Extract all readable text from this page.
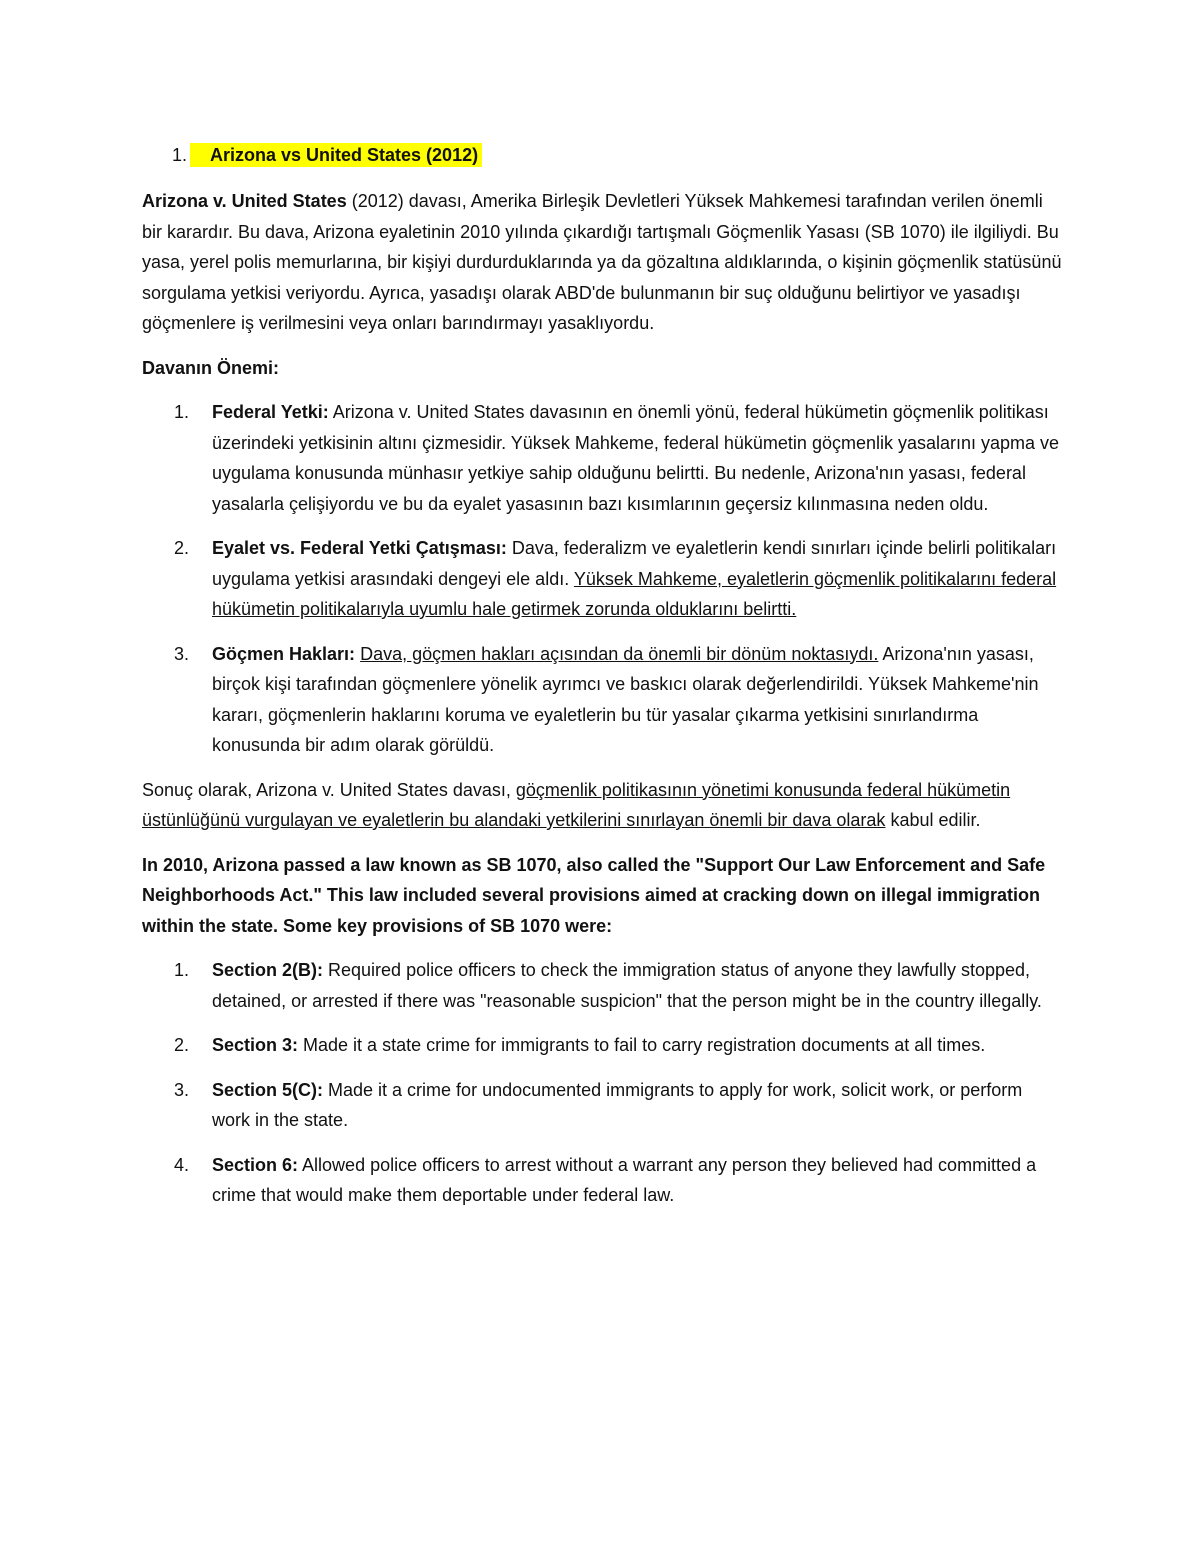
1. Arizona vs United States (2012)

Arizona v. United States (2012) davası, Amerika Birleşik Devletleri Yüksek Mahkemesi tarafından verilen önemli bir karardır. Bu dava, Arizona eyaletinin 2010 yılında çıkardığı tartışmalı Göçmenlik Yasası (SB 1070) ile ilgiliydi. Bu yasa, yerel polis memurlarına, bir kişiyi durdurduklarında ya da gözaltına aldıklarında, o kişinin göçmenlik statüsünü sorgulama yetkisi veriyordu. Ayrıca, yasadışı olarak ABD'de bulunmanın bir suç olduğunu belirtiyor ve yasadışı göçmenlere iş verilmesini veya onları barındırmayı yasaklıyordu.

Davanın Önemi:
1. Federal Yetki: Arizona v. United States davasının en önemli yönü, federal hükümetin göçmenlik politikası üzerindeki yetkisinin altını çizmesidir. Yüksek Mahkeme, federal hükümetin göçmenlik yasalarını yapma ve uygulama konusunda münhasır yetkiye sahip olduğunu belirtti. Bu nedenle, Arizona'nın yasası, federal yasalarla çelişiyordu ve bu da eyalet yasasının bazı kısımlarının geçersiz kılınmasına neden oldu.
2. Eyalet vs. Federal Yetki Çatışması: Dava, federalizm ve eyaletlerin kendi sınırları içinde belirli politikaları uygulama yetkisi arasındaki dengeyi ele aldı. Yüksek Mahkeme, eyaletlerin göçmenlik politikalarını federal hükümetin politikalarıyla uyumlu hale getirmek zorunda olduklarını belirtti.
3. Göçmen Hakları: Dava, göçmen hakları açısından da önemli bir dönüm noktasıydı. Arizona'nın yasası, birçok kişi tarafından göçmenlere yönelik ayrımcı ve baskıcı olarak değerlendirildi. Yüksek Mahkeme'nin kararı, göçmenlerin haklarını koruma ve eyaletlerin bu tür yasalar çıkarma yetkisini sınırlandırma konusunda bir adım olarak görüldü.

Sonuç olarak, Arizona v. United States davası, göçmenlik politikasının yönetimi konusunda federal hükümetin üstünlüğünü vurgulayan ve eyaletlerin bu alandaki yetkilerini sınırlayan önemli bir dava olarak kabul edilir.

In 2010, Arizona passed a law known as SB 1070, also called the "Support Our Law Enforcement and Safe Neighborhoods Act." This law included several provisions aimed at cracking down on illegal immigration within the state. Some key provisions of SB 1070 were:
1. Section 2(B): Required police officers to check the immigration status of anyone they lawfully stopped, detained, or arrested if there was "reasonable suspicion" that the person might be in the country illegally.
2. Section 3: Made it a state crime for immigrants to fail to carry registration documents at all times.
3. Section 5(C): Made it a crime for undocumented immigrants to apply for work, solicit work, or perform work in the state.
4. Section 6: Allowed police officers to arrest without a warrant any person they believed had committed a crime that would make them deportable under federal law.
